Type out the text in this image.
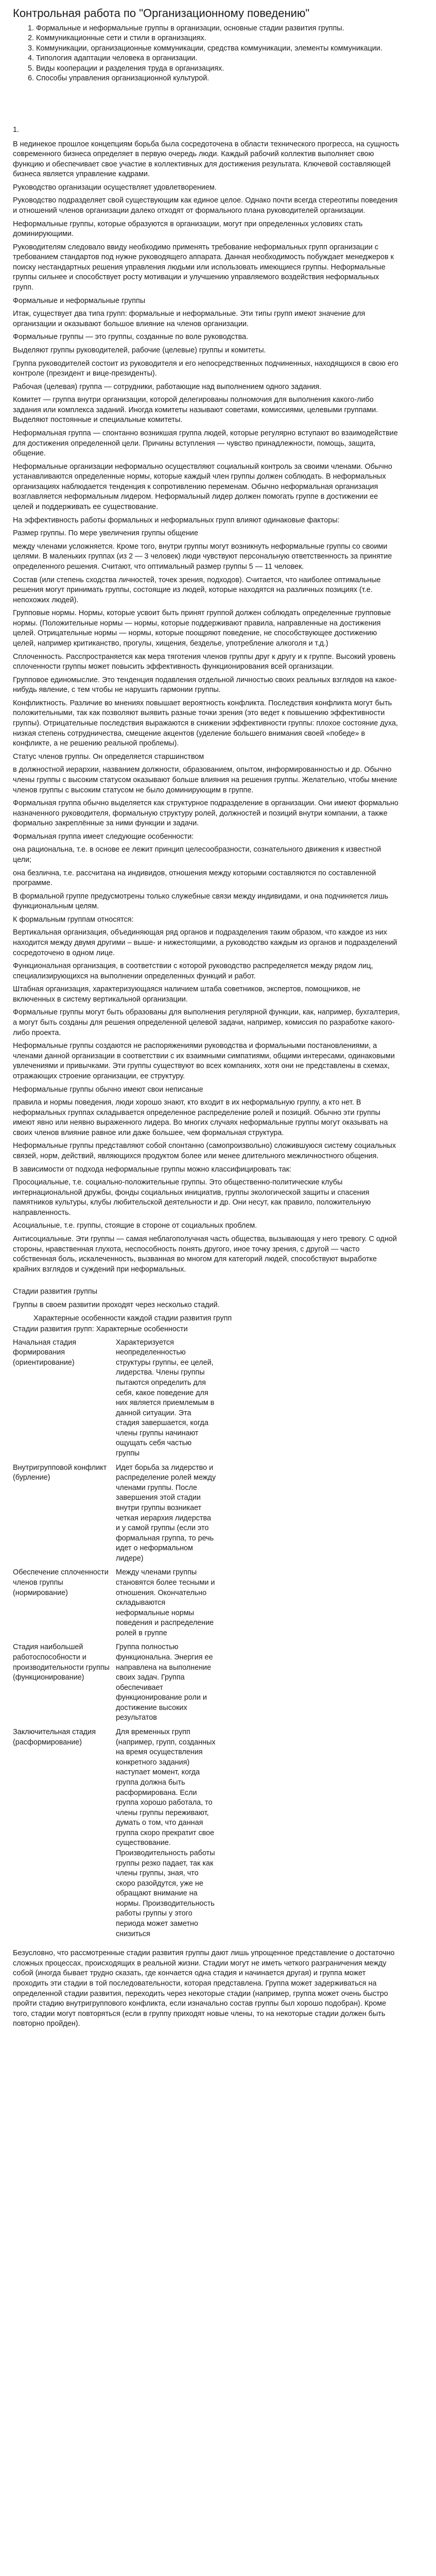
Контрольная работа по "Организационному поведению"
1. Формальные и неформальные группы в организации, основные стадии развития группы.
2. Коммуникационные сети и стили в организациях.
3. Коммуникации, организационные коммуникации, средства коммуникации, элементы коммуникации.
4. Типология адаптации человека в организации.
5. Виды кооперации и разделения труда в организациях.
6. Способы управления организационной культурой.

1.

В нединекое прошлое концепциям борьба была сосредоточена в области технического прогресса, на сущность современного бизнеса определяет в первую очередь люди. Каждый рабочий коллектив выполняет свою функцию и обеспечивает свое участие в коллективных для достижения результата. Ключевой составляющей бизнеса является управление кадрами.

Руководство организации осуществляет удовлетворением.

Руководство подразделяет свой существующим как единое целое. Однако почти всегда стереотипы поведения и отношений членов организации далеко отходят от формального плана руководителей организации.

Неформальные группы, которые образуются в организации, могут при определенных условиях стать доминирующими.

Руководителям следовало ввиду необходимо применять требование неформальных групп организации с требованием стандартов под нужне руководящего аппарата. Данная необходимость побуждает менеджеров к поиску нестандартных решения управления людьми или использовать имеющиеся группы. Неформальные группы сильнее и способствует росту мотивации и улучшению управляемого воздействия неформальных групп.

Формальные и неформальные группы

Итак, существует два типа групп: формальные и неформальные. Эти типы групп имеют значение для организации и оказывают большое влияние на членов организации.

Формальные группы — это группы, созданные по воле руководства.

Выделяют группы руководителей, рабочие (целевые) группы и комитеты.

Группа руководителей состоит из руководителя и его непосредственных подчиненных, находящихся в свою его контроле (президент и вице-президенты).

Рабочая (целевая) группа — сотрудники, работающие над выполнением одного задания.

Комитет — группа внутри организации, которой делегированы полномочия для выполнения какого-либо задания или комплекса заданий. Иногда комитеты называют советами, комиссиями, целевыми группами. Выделяют постоянные и специальные комитеты.

Неформальная группа — спонтанно возникшая группа людей, которые регулярно вступают во взаимодействие для достижения определенной цели. Причины вступления — чувство принадлежности, помощь, защита, общение.

Неформальные организации неформально осуществляют социальный контроль за своими членами. Обычно устанавливаются определенные нормы, которые каждый член группы должен соблюдать. В неформальных организациях наблюдается тенденция к сопротивлению переменам. Обычно неформальная организация возглавляется неформальным лидером. Неформальный лидер должен помогать группе в достижении ее целей и поддерживать ее существование.

На эффективность работы формальных и неформальных групп влияют одинаковые факторы:

Размер группы. По мере увеличения группы общение

между членами усложняется. Кроме того, внутри группы могут возникнуть неформальные группы со своими целями. В маленьких группах (из 2 — 3 человек) люди чувствуют персональную ответственность за принятие определенного решения. Считают, что оптимальный размер группы 5 — 11 человек.

Состав (или степень сходства личностей, точек зрения, подходов). Считается, что наиболее оптимальные решения могут принимать группы, состоящие из людей, которые находятся на различных позициях (т.е. непохожих людей).

Групповые нормы. Нормы, которые усвоит быть принят группой должен соблюдать определенные групповые нормы. (Положительные нормы — нормы, которые поддерживают правила, направленные на достижения целей. Отрицательные нормы — нормы, которые поощряют поведение, не способствующее достижению целей, например критиканство, прогулы, хищения, безделье, употребление алкоголя и т.д.)

Сплоченность. Расспространяется как мера тяготения членов группы друг к другу и к группе. Высокий уровень сплоченности группы может повысить эффективность функционирования всей организации.

Групповое единомыслие. Это тенденция подавления отдельной личностью своих реальных взглядов на какое-нибудь явление, с тем чтобы не нарушить гармонии группы.

Конфликтность. Различие во мнениях повышает вероятность конфликта. Последствия конфликта могут быть положительными, так как позволяют выявить разные точки зрения (это ведет к повышению эффективности группы). Отрицательные последствия выражаются в снижении эффективности группы: плохое состояние духа, низкая степень сотрудничества, смещение акцентов (уделение большего внимания своей «победе» в конфликте, а не решению реальной проблемы).

Статус членов группы. Он определяется старшинством

в должностной иерархии, названием должности, образованием, опытом, информированностью и др. Обычно члены группы с высоким статусом оказывают больше влияния на решения группы. Желательно, чтобы мнение членов группы с высоким статусом не было доминирующим в группе.

Формальная группа обычно выделяется как структурное подразделение в организации. Они имеют формально назначенного руководителя, формальную структуру ролей, должностей и позиций внутри компании, а также формально закреплённые за ними функции и задачи.

Формальная группа имеет следующие особенности:

она рациональна, т.е. в основе ее лежит принцип целесообразности, сознательного движения к известной цели;

она безлична, т.е. рассчитана на индивидов, отношения между которыми составляются по составленной программе.

В формальной группе предусмотрены только служебные связи между индивидами, и она подчиняется лишь функциональным целям.

К формальным группам относятся:

Вертикальная организация, объединяющая ряд органов и подразделения таким образом, что каждое из них находится между двумя другими – выше- и нижестоящими, а руководство каждым из органов и подразделений сосредоточено в одном лице.

Функциональная организация, в соответствии с которой руководство распределяется между рядом лиц, специализирующихся на выполнении определенных функций и работ.

Штабная организация, характеризующаяся наличием штаба советников, экспертов, помощников, не включенных в систему вертикальной организации.

Формальные группы могут быть образованы для выполнения регулярной функции, как, например, бухгалтерия, а могут быть созданы для решения определенной целевой задачи, например, комиссия по разработке какого-либо проекта.

Неформальные группы создаются не распоряжениями руководства и формальными постановлениями, а членами данной организации в соответствии с их взаимными симпатиями, общими интересами, одинаковыми увлечениями и привычками. Эти группы существуют во всех компаниях, хотя они не представлены в схемах, отражающих строение организации, ее структуру.

Неформальные группы обычно имеют свои неписаные

правила и нормы поведения, люди хорошо знают, кто входит в их неформальную группу, а кто нет. В неформальных группах складывается определенное распределение ролей и позиций. Обычно эти группы имеют явно или неявно выраженного лидера. Во многих случаях неформальные группы могут оказывать на своих членов влияние равное или даже большее, чем формальная структура.

Неформальные группы представляют собой спонтанно (самопроизвольно) сложившуюся систему социальных связей, норм, действий, являющихся продуктом более или менее длительного межличностного общения.

В зависимости от подхода неформальные группы можно классифицировать так:

Просоциальные, т.е. социально-положительные группы. Это общественно-политические клубы интернациональной дружбы, фонды социальных инициатив, группы экологической защиты и спасения памятников культуры, клубы любительской деятельности и др. Они несут, как правило, положительную направленность.

Асоциальные, т.е. группы, стоящие в стороне от социальных проблем.

Антисоциальные. Эти группы — самая неблагополучная часть общества, вызывающая у него тревогу. С одной стороны, нравственная глухота, неспособность понять другого, иное точку зрения, с другой — часто собственная боль, искалеченность, вызванная во многом для категорий людей, способствуют выработке крайних взглядов и суждений при неформальных.

Стадии развития группы

Группы в своем развитии проходят через несколько стадий.

Характерные особенности каждой стадии развития групп

Стадии развития групп: Характерные особенности

Начальная стадия формирования (ориентирование)	Характеризуется неопределенностью структуры группы, ее целей, лидерства. Члены группы пытаются определить для себя, какое поведение для них является приемлемым в данной ситуации. Эта стадия завершается, когда члены группы начинают ощущать себя частью группы
Внутригрупповой конфликт (бурление)	Идет борьба за лидерство и распределение ролей между членами группы. После завершения этой стадии внутри группы возникает четкая иерархия лидерства и у самой группы (если это формальная группа, то речь идет о неформальном лидере)
Обеспечение сплоченности членов группы (нормирование)	Между членами группы становятся более тесными и отношения. Окончательно складываются неформальные нормы поведения и распределение ролей в группе
Стадия наибольшей работоспособности и производительности группы (функционирование)	Группа полностью функциональна. Энергия ее направлена на выполнение своих задач. Группа обеспечивает функционирование роли и достижение высоких результатов
Заключительная стадия (расформирование)	Для временных групп (например, групп, созданных на время осуществления конкретного задания) наступает момент, когда группа должна быть расформирована. Если группа хорошо работала, то члены группы переживают, думать о том, что данная группа скоро прекратит свое существование. Производительность работы группы резко падает, так как члены группы, зная, что скоро разойдутся, уже не обращают внимание на нормы. Производительность работы группы у этого периода может заметно снизиться

Безусловно, что рассмотренные стадии развития группы дают лишь упрощенное представление о достаточно сложных процессах, происходящих в реальной жизни. Стадии могут не иметь четкого разграничения между собой (иногда бывает трудно сказать, где кончается одна стадия и начинается другая) и группа может проходить эти стадии в той последовательности, которая представлена. Группа может задерживаться на определенной стадии развития, переходить через некоторые стадии (например, группа может очень быстро пройти стадию внутригруппового конфликта, если изначально состав группы был хорошо подобран). Кроме того, стадии могут повторяться (если в группу приходят новые члены, то на некоторые стадии должен быть повторно пройден).
